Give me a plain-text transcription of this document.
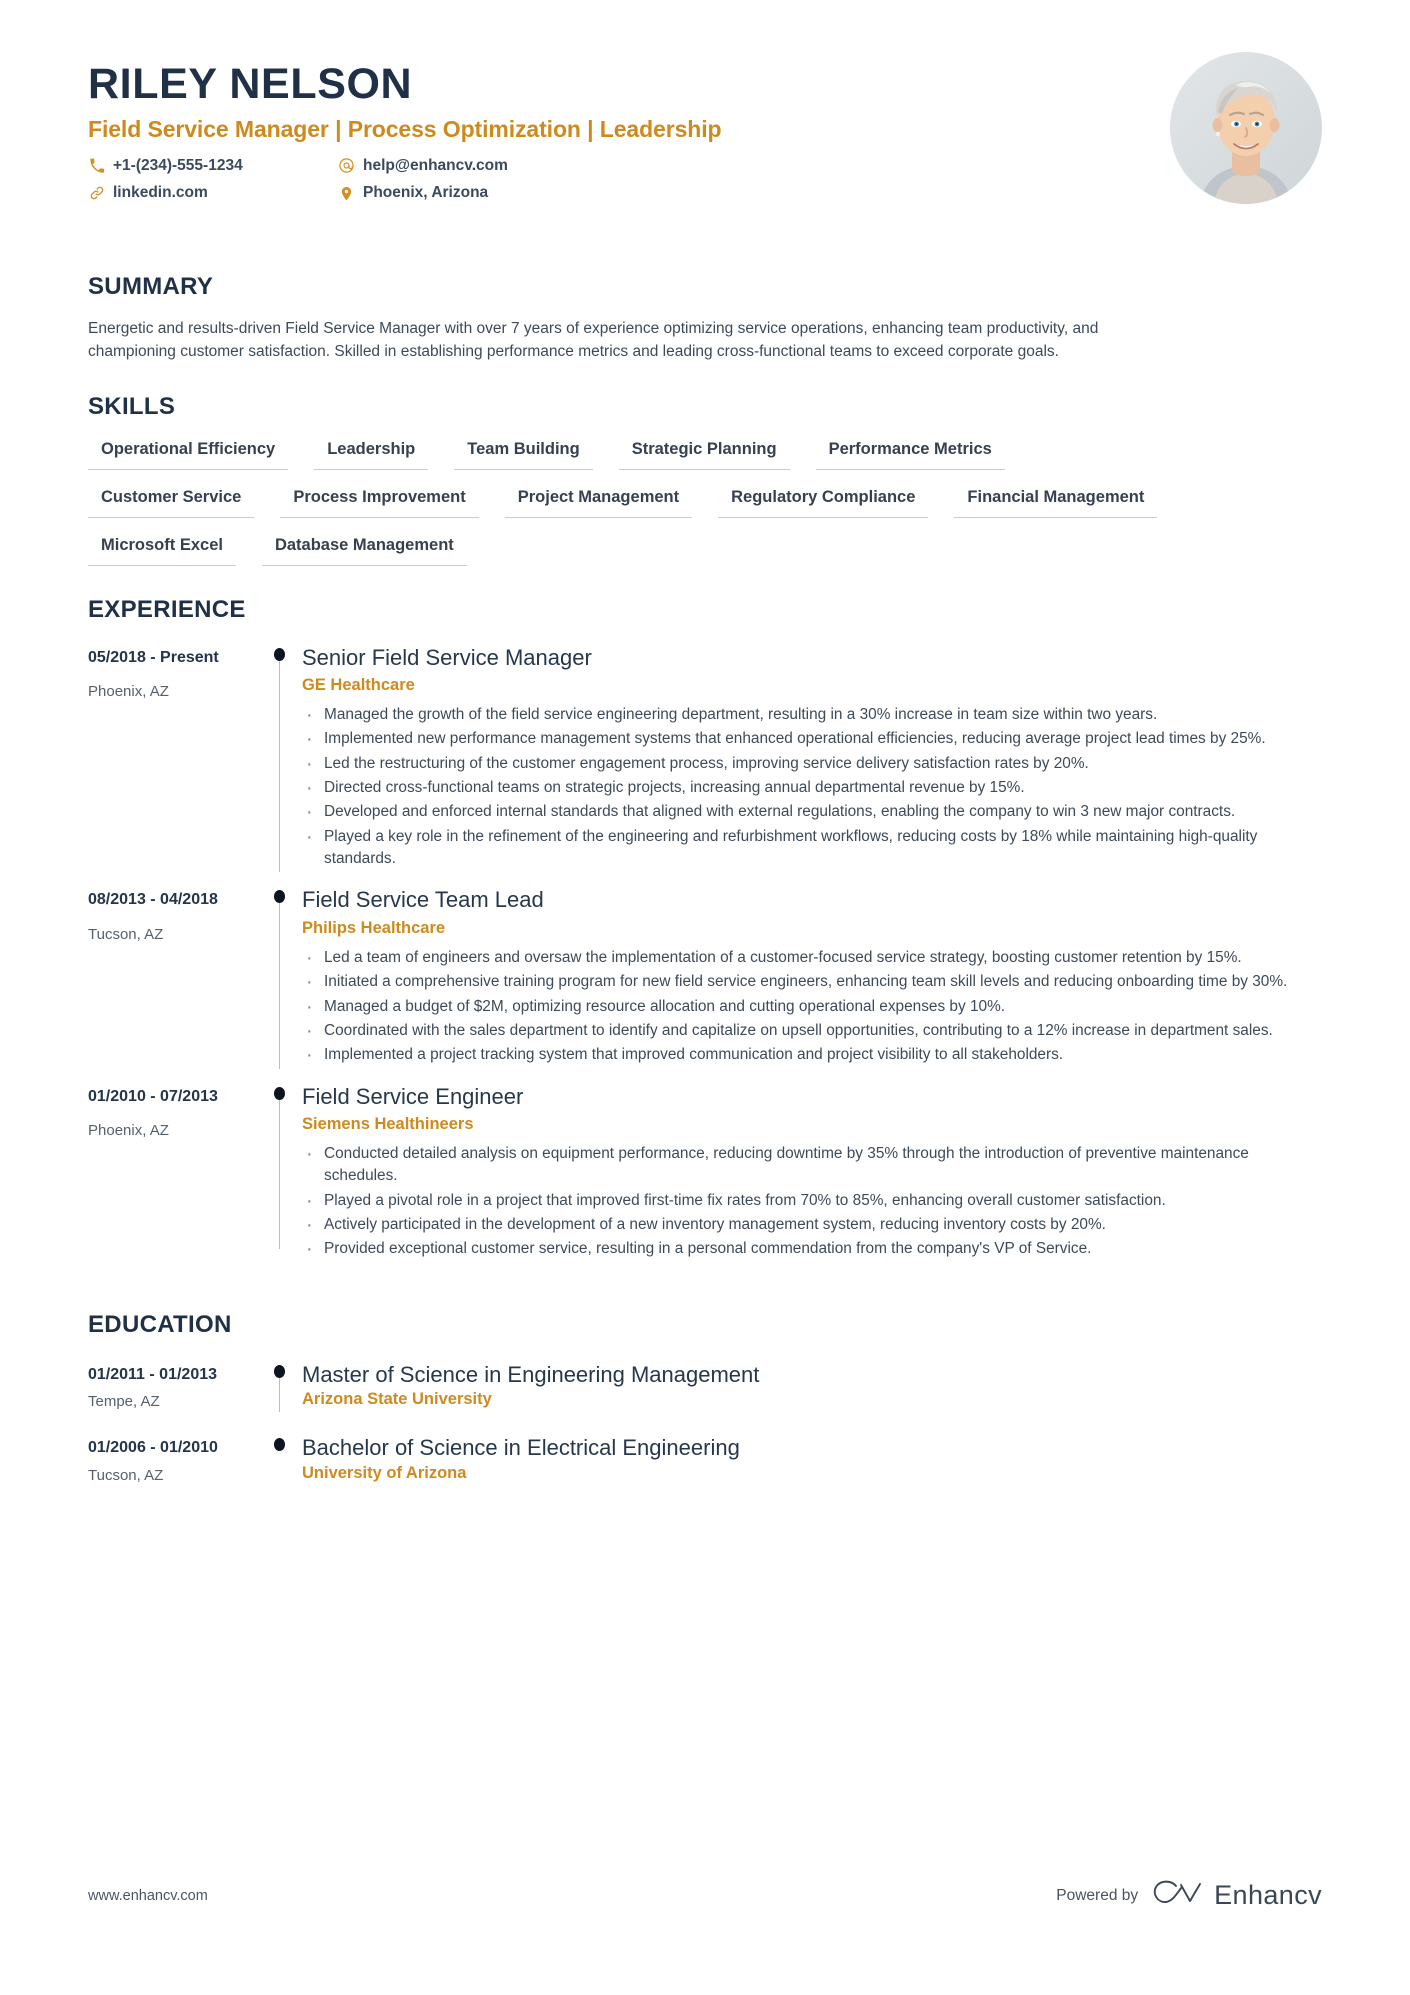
RILEY NELSON
Field Service Manager | Process Optimization | Leadership
+1-(234)-555-1234
linkedin.com
help@enhancv.com
Phoenix, Arizona
SUMMARY

Energetic and results-driven Field Service Manager with over 7 years of experience optimizing service operations, enhancing team productivity, and championing customer satisfaction. Skilled in establishing performance metrics and leading cross-functional teams to exceed corporate goals.

SKILLS
Operational Efficiency	Leadership	Team Building	Strategic Planning	Performance Metrics
Customer Service	Process Improvement	Project Management	Regulatory Compliance	Financial Management
Microsoft Excel	Database Management
EXPERIENCE
05/2018 - Present
Phoenix, AZ
Senior Field Service Manager
GE Healthcare
· Managed the growth of the field service engineering department, resulting in a 30% increase in team size within two years.
· Implemented new performance management systems that enhanced operational efficiencies, reducing average project lead times by 25%.
· Led the restructuring of the customer engagement process, improving service delivery satisfaction rates by 20%.
· Directed cross-functional teams on strategic projects, increasing annual departmental revenue by 15%.
· Developed and enforced internal standards that aligned with external regulations, enabling the company to win 3 new major contracts.
· Played a key role in the refinement of the engineering and refurbishment workflows, reducing costs by 18% while maintaining high-quality standards.
08/2013 - 04/2018
Tucson, AZ
Field Service Team Lead
Philips Healthcare
· Led a team of engineers and oversaw the implementation of a customer-focused service strategy, boosting customer retention by 15%.
· Initiated a comprehensive training program for new field service engineers, enhancing team skill levels and reducing onboarding time by 30%.
· Managed a budget of $2M, optimizing resource allocation and cutting operational expenses by 10%.
· Coordinated with the sales department to identify and capitalize on upsell opportunities, contributing to a 12% increase in department sales.
· Implemented a project tracking system that improved communication and project visibility to all stakeholders.
01/2010 - 07/2013
Phoenix, AZ
Field Service Engineer
Siemens Healthineers
· Conducted detailed analysis on equipment performance, reducing downtime by 35% through the introduction of preventive maintenance schedules.
· Played a pivotal role in a project that improved first-time fix rates from 70% to 85%, enhancing overall customer satisfaction.
· Actively participated in the development of a new inventory management system, reducing inventory costs by 20%.
· Provided exceptional customer service, resulting in a personal commendation from the company's VP of Service.
EDUCATION
01/2011 - 01/2013
Tempe, AZ
Master of Science in Engineering Management
Arizona State University
01/2006 - 01/2010
Tucson, AZ
Bachelor of Science in Electrical Engineering
University of Arizona
www.enhancv.com	Powered by	Enhancv
